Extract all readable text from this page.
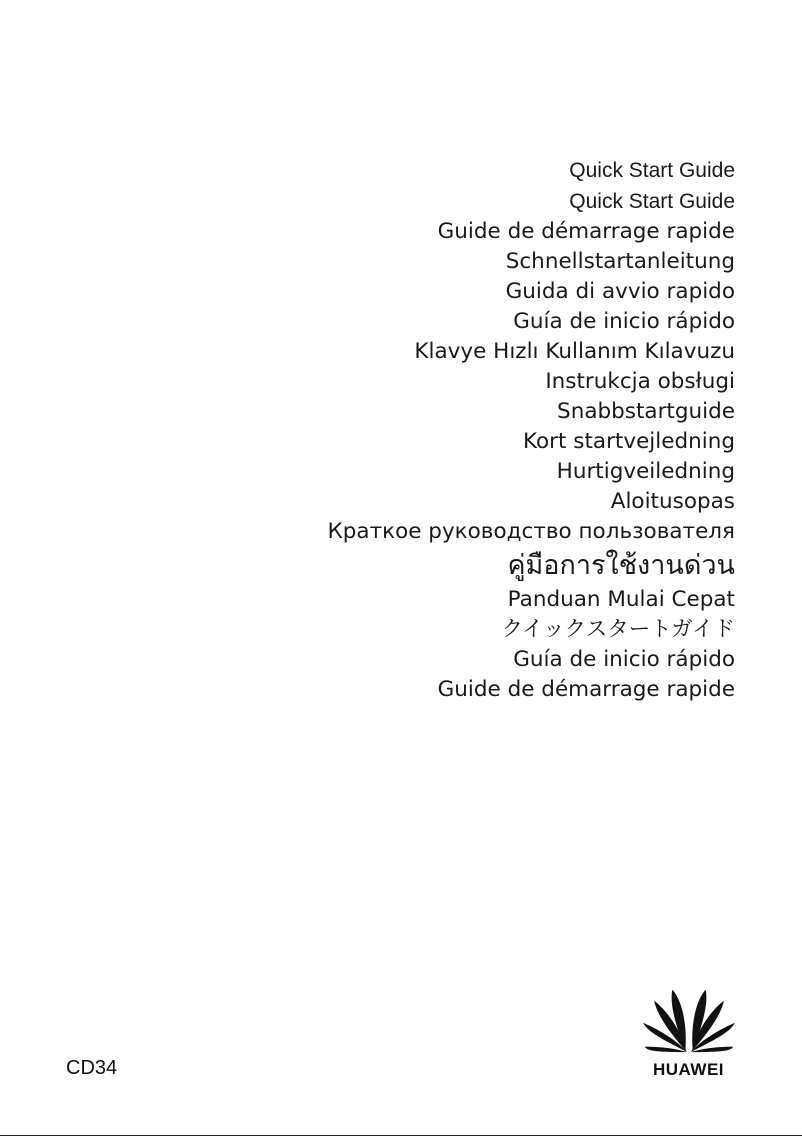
Quick Start Guide
Quick Start Guide
Guide de démarrage rapide
Schnellstartanleitung
Guida di avvio rapido
Guía de inicio rápido
Klavye Hızlı Kullanım Kılavuzu
Instrukcja obsługi
Snabbstartguide
Kort startvejledning
Hurtigveiledning
Aloitusopas
Краткое руководство пользователя
คู่มือการใช้งานด่วน
Panduan Mulai Cepat
クイックスタートガイド
Guía de inicio rápido
Guide de démarrage rapide
CD34	HUAWEI
